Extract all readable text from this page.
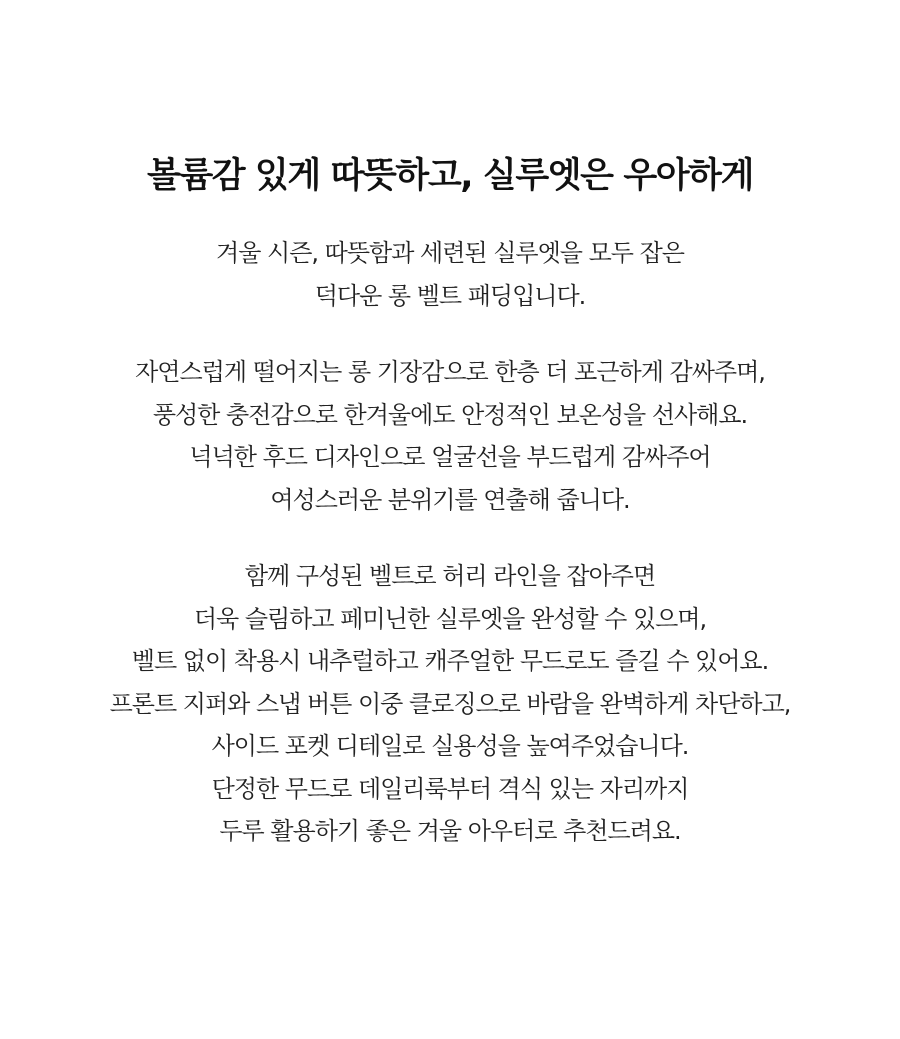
볼륨감 있게 따뜻하고, 실루엣은 우아하게

겨울 시즌, 따뜻함과 세련된 실루엣을 모두 잡은
덕다운 롱 벨트 패딩입니다.

자연스럽게 떨어지는 롱 기장감으로 한층 더 포근하게 감싸주며,
풍성한 충전감으로 한겨울에도 안정적인 보온성을 선사해요.
넉넉한 후드 디자인으로 얼굴선을 부드럽게 감싸주어
여성스러운 분위기를 연출해 줍니다.

함께 구성된 벨트로 허리 라인을 잡아주면
더욱 슬림하고 페미닌한 실루엣을 완성할 수 있으며,
벨트 없이 착용시 내추럴하고 캐주얼한 무드로도 즐길 수 있어요.
프론트 지퍼와 스냅 버튼 이중 클로징으로 바람을 완벽하게 차단하고,
사이드 포켓 디테일로 실용성을 높여주었습니다.
단정한 무드로 데일리룩부터 격식 있는 자리까지
두루 활용하기 좋은 겨울 아우터로 추천드려요.
